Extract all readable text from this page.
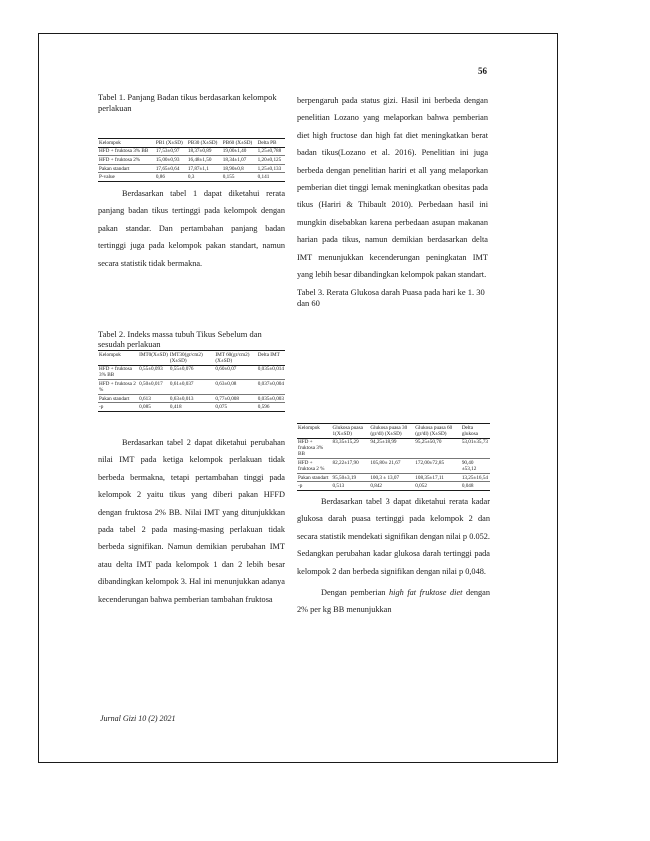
56

Tabel 1. Panjang Badan tikus berdasarkan kelompok perlakuan

Kelompok	PB1 (X±SD)	PB30 (X±SD)	PB60 (X±SD)	Delta PB
HFD + fruktosa 3% BB	17,53±0,97	18,37±0,89	19,00±1,40	1,25±0,788
HFD + fruktosa 2%	15,00±0,93	16,48±1,50	18,34±1,07	1,20±0,125
Pakan standart	17,65±0,64	17,87±1,1	18,90±0,8	1,25±0,133
P-value	0,86	0,3	0,155	0,141

Berdasarkan tabel 1 dapat diketahui rerata panjang badan tikus tertinggi pada kelompok dengan pakan standar. Dan pertambahan panjang badan tertinggi juga pada kelompok pakan standart, namun secara statistik tidak bermakna.

Tabel 2. Indeks massa tubuh Tikus Sebelum dan sesudah perlakuan

Kelompok	IMT0(X±SD)	IMT30(gr/cm2) (X±SD)	IMT 60(gr/cm2) (X±SD)	Delta IMT
HFD + fruktosa 3% BB	0,55±0,093	0,55±0,076	0,60±0,07	0,035±0,014
HFD + fruktosa 2 %	0,50±0,017	0,61±0,037	0,63±0,08	0,037±0,004
Pakan standart	0,613	0,63±0,013	0,77±0,008	0,035±0,003
-p	0,085	0,418	0,075	0,596

Berdasarkan tabel 2 dapat diketahui perubahan nilai IMT pada ketiga kelompok perlakuan tidak berbeda bermakna, tetapi pertambahan tinggi pada kelompok 2 yaitu tikus yang diberi pakan HFFD dengan fruktosa 2% BB. Nilai IMT yang ditunjukkkan pada tabel 2 pada masing-masing perlakuan tidak berbeda signifikan. Namun demikian perubahan IMT atau delta IMT pada kelompok 1 dan 2 lebih besar dibandingkan kelompok 3. Hal ini menunjukkan adanya kecenderungan bahwa pemberian tambahan fruktosa

berpengaruh pada status gizi. Hasil ini berbeda dengan penelitian Lozano yang melaporkan bahwa pemberian diet high fructose dan high fat diet meningkatkan berat badan tikus(Lozano et al. 2016). Penelitian ini juga berbeda dengan penelitian hariri et all yang melaporkan pemberian diet tinggi lemak meningkatkan obesitas pada tikus (Hariri & Thibault 2010). Perbedaan hasil ini mungkin disebabkan karena perbedaan asupan makanan harian pada tikus, namun demikian berdasarkan delta IMT menunjukkan kecenderungan peningkatan IMT yang lebih besar dibandingkan kelompok pakan standart.

Tabel 3. Rerata Glukosa darah Puasa pada hari ke 1. 30 dan 60

Kelompok	Glukosa puasa 1(X±SD)	Glukosa puasa 30 (gr/dl) (X±SD)	Glukosa puasa 60 (gr/dl) (X±SD)	Delta glukosa
HFD + fruktosa 3% BB	83,35±15,29	94,25±18,99	95,25±50,70	53,01±35,73
HFD + fruktosa 2 %	82,22±17,90	105,80± 21,67	172,00±72,85	90,40 ±53,12
Pakan standart	95,50±3,19	100,3 ± 13,07	108,35±17,11	13,25±16,54
-p	0,513	0,842	0,052	0,048

Berdasarkan tabel 3 dapat diketahui rerata kadar glukosa darah puasa tertinggi pada kelompok 2 dan secara statistik mendekati signifikan dengan nilai p 0.052. Sedangkan perubahan kadar glukosa darah tertinggi pada kelompok 2 dan berbeda signifikan dengan nilai p 0,048.

Dengan pemberian high fat fruktose diet dengan 2% per kg BB menunjukkan

Jurnal Gizi 10 (2) 2021
